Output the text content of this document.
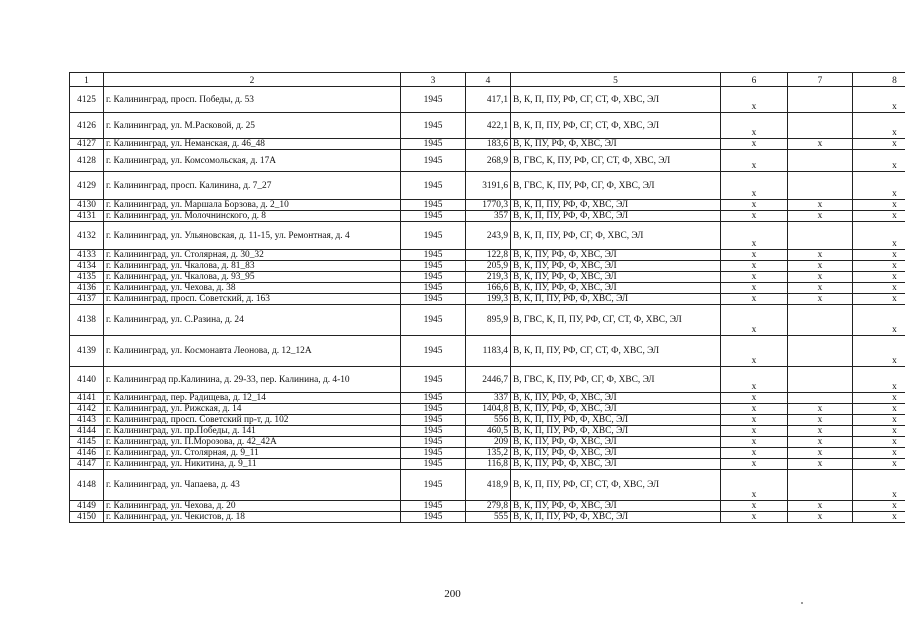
1	2	3	4	5	6	7	8
4125	г. Калининград, просп. Победы, д. 53	1945	417,1	В, К, П, ПУ, РФ, СГ, СТ, Ф, ХВС, ЭЛ	х		х
4126	г. Калининград, ул. М.Расковой, д. 25	1945	422,1	В, К, П, ПУ, РФ, СГ, СТ, Ф, ХВС, ЭЛ	х		х
4127	г. Калининград, ул. Неманская, д. 46_48	1945	183,6	В, К, ПУ, РФ, Ф, ХВС, ЭЛ	х	х	х
4128	г. Калининград, ул. Комсомольская, д. 17А	1945	268,9	В, ГВС, К, ПУ, РФ, СГ, СТ, Ф, ХВС, ЭЛ	х		х
4129	г. Калининград, просп. Калинина, д. 7_27	1945	3191,6	В, ГВС, К, ПУ, РФ, СГ, Ф, ХВС, ЭЛ	х		х
4130	г. Калининград, ул. Маршала Борзова, д. 2_10	1945	1770,3	В, К, П, ПУ, РФ, Ф, ХВС, ЭЛ	х	х	х
4131	г. Калининград, ул. Молочнинского, д. 8	1945	357	В, К, П, ПУ, РФ, Ф, ХВС, ЭЛ	х	х	х
4132	г. Калининград, ул. Ульяновская, д. 11-15, ул. Ремонтная, д. 4	1945	243,9	В, К, П, ПУ, РФ, СГ, Ф, ХВС, ЭЛ	х		х
4133	г. Калининград, ул. Столярная, д. 30_32	1945	122,8	В, К, ПУ, РФ, Ф, ХВС, ЭЛ	х	х	х
4134	г. Калининград, ул. Чкалова, д. 81_83	1945	205,9	В, К, ПУ, РФ, Ф, ХВС, ЭЛ	х	х	х
4135	г. Калининград, ул. Чкалова, д. 93_95	1945	219,3	В, К, ПУ, РФ, Ф, ХВС, ЭЛ	х	х	х
4136	г. Калининград, ул. Чехова, д. 38	1945	166,6	В, К, ПУ, РФ, Ф, ХВС, ЭЛ	х	х	х
4137	г. Калининград, просп. Советский, д. 163	1945	199,3	В, К, П, ПУ, РФ, Ф, ХВС, ЭЛ	х	х	х
4138	г. Калининград, ул. С.Разина, д. 24	1945	895,9	В, ГВС, К, П, ПУ, РФ, СГ, СТ, Ф, ХВС, ЭЛ	х		х
4139	г. Калининград, ул. Космонавта Леонова, д. 12_12А	1945	1183,4	В, К, П, ПУ, РФ, СГ, СТ, Ф, ХВС, ЭЛ	х		х
4140	г. Калининград пр.Калинина, д. 29-33, пер. Калинина, д. 4-10	1945	2446,7	В, ГВС, К, ПУ, РФ, СГ, Ф, ХВС, ЭЛ	х		х
4141	г. Калининград, пер. Радищева, д. 12_14	1945	337	В, К, ПУ, РФ, Ф, ХВС, ЭЛ	х		х
4142	г. Калининград, ул. Рижская, д. 14	1945	1404,8	В, К, ПУ, РФ, Ф, ХВС, ЭЛ	х	х	х
4143	г. Калининград, просп. Советский пр-т, д. 102	1945	556	В, К, П, ПУ, РФ, Ф, ХВС, ЭЛ	х	х	х
4144	г. Калининград, ул. пр.Победы, д. 141	1945	460,5	В, К, П, ПУ, РФ, Ф, ХВС, ЭЛ	х	х	х
4145	г. Калининград, ул. П.Морозова, д. 42_42А	1945	209	В, К, ПУ, РФ, Ф, ХВС, ЭЛ	х	х	х
4146	г. Калининград, ул. Столярная, д. 9_11	1945	135,2	В, К, ПУ, РФ, Ф, ХВС, ЭЛ	х	х	х
4147	г. Калининград, ул. Никитина, д. 9_11	1945	116,8	В, К, ПУ, РФ, Ф, ХВС, ЭЛ	х	х	х
4148	г. Калининград, ул. Чапаева, д. 43	1945	418,9	В, К, П, ПУ, РФ, СГ, СТ, Ф, ХВС, ЭЛ	х		х
4149	г. Калининград, ул. Чехова, д. 20	1945	279,8	В, К, ПУ, РФ, Ф, ХВС, ЭЛ	х	х	х
4150	г. Калининград, ул. Чекистов, д. 18	1945	555	В, К, П, ПУ, РФ, Ф, ХВС, ЭЛ	х	х	х
200
